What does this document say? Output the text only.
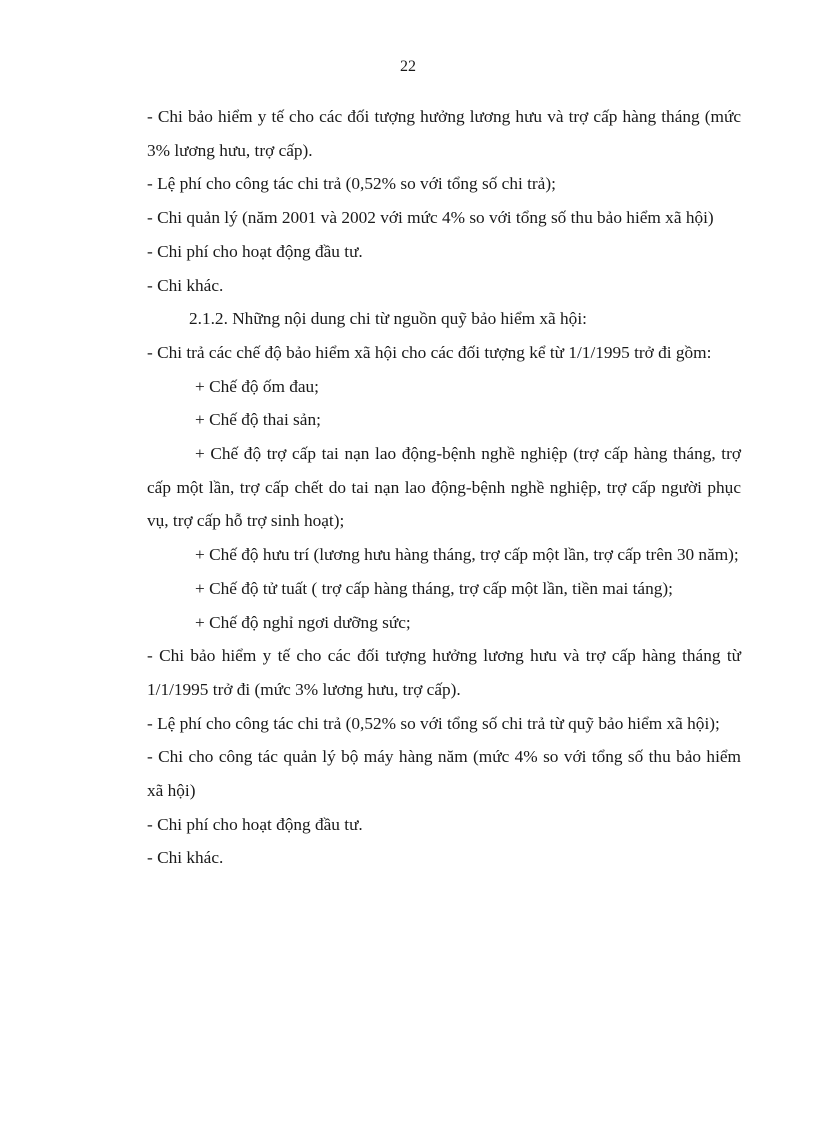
22

- Chi bảo hiểm y tế cho các đối tượng hưởng lương hưu và trợ cấp hàng tháng (mức 3% lương hưu, trợ cấp).

- Lệ phí cho công tác chi trả (0,52% so với tổng số chi trả);

- Chi quản lý (năm 2001 và 2002 với mức 4% so với tổng số thu bảo hiểm xã hội)

- Chi phí cho hoạt động đầu tư.

- Chi khác.

2.1.2. Những nội dung chi từ nguồn quỹ bảo hiểm xã hội:

- Chi trả các chế độ bảo hiểm xã hội cho các đối tượng kể từ 1/1/1995 trở đi gồm:

+ Chế độ ốm đau;

+ Chế độ thai sản;

+ Chế độ trợ cấp tai nạn lao động-bệnh nghề nghiệp (trợ cấp hàng tháng, trợ cấp một lần, trợ cấp chết do tai nạn lao động-bệnh nghề nghiệp, trợ cấp người phục vụ, trợ cấp hỗ trợ sinh hoạt);

+ Chế độ hưu trí (lương hưu hàng tháng, trợ cấp một lần, trợ cấp trên 30 năm);

+ Chế độ tử tuất ( trợ cấp hàng tháng, trợ cấp một lần, tiền mai táng);

+ Chế độ nghỉ ngơi dưỡng sức;

- Chi bảo hiểm y tế cho các đối tượng hưởng lương hưu và trợ cấp hàng tháng từ 1/1/1995 trở đi (mức 3% lương hưu, trợ cấp).

- Lệ phí cho công tác chi trả (0,52% so với tổng số chi trả từ quỹ bảo hiểm xã hội);

- Chi cho công tác quản lý bộ máy hàng năm (mức 4% so với tổng số thu bảo hiểm xã hội)

- Chi phí cho hoạt động đầu tư.

- Chi khác.
